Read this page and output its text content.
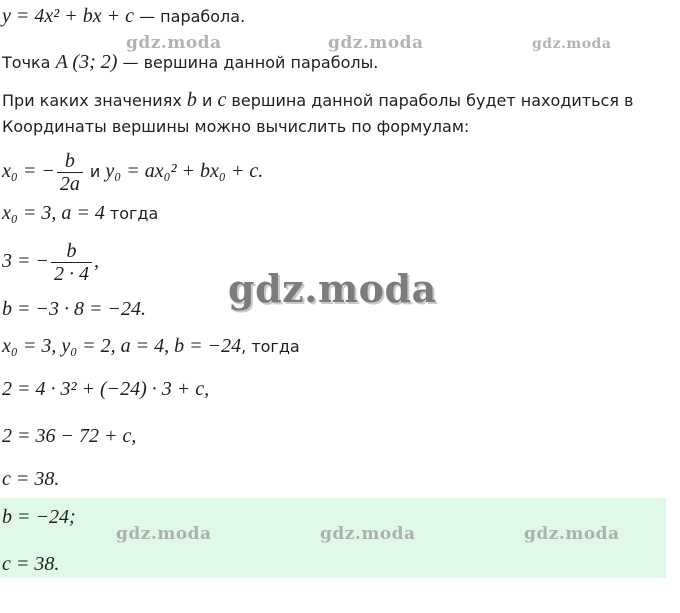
gdz.moda	gdz.moda	gdz.moda
y = 4x² + bx + c — парабола.
Точка A (3; 2) — вершина данной параболы.
При каких значениях b и c вершина данной параболы будет находиться в
Координаты вершины можно вычислить по формулам:
x₀ = − $\frac{b}{2a}$ и y₀ = ax₀² + bx₀ + c.
x₀ = 3, a = 4 тогда
3 = − $\frac{b}{2 \cdot 4}$ ,
gdz.moda
b = −3 · 8 = −24.
x₀ = 3, y₀ = 2, a = 4, b = −24, тогда
2 = 4 · 3² + (−24) · 3 + c,
2 = 36 − 72 + c,
c = 38.
b = −24;
gdz.moda	gdz.moda	gdz.moda
c = 38.
